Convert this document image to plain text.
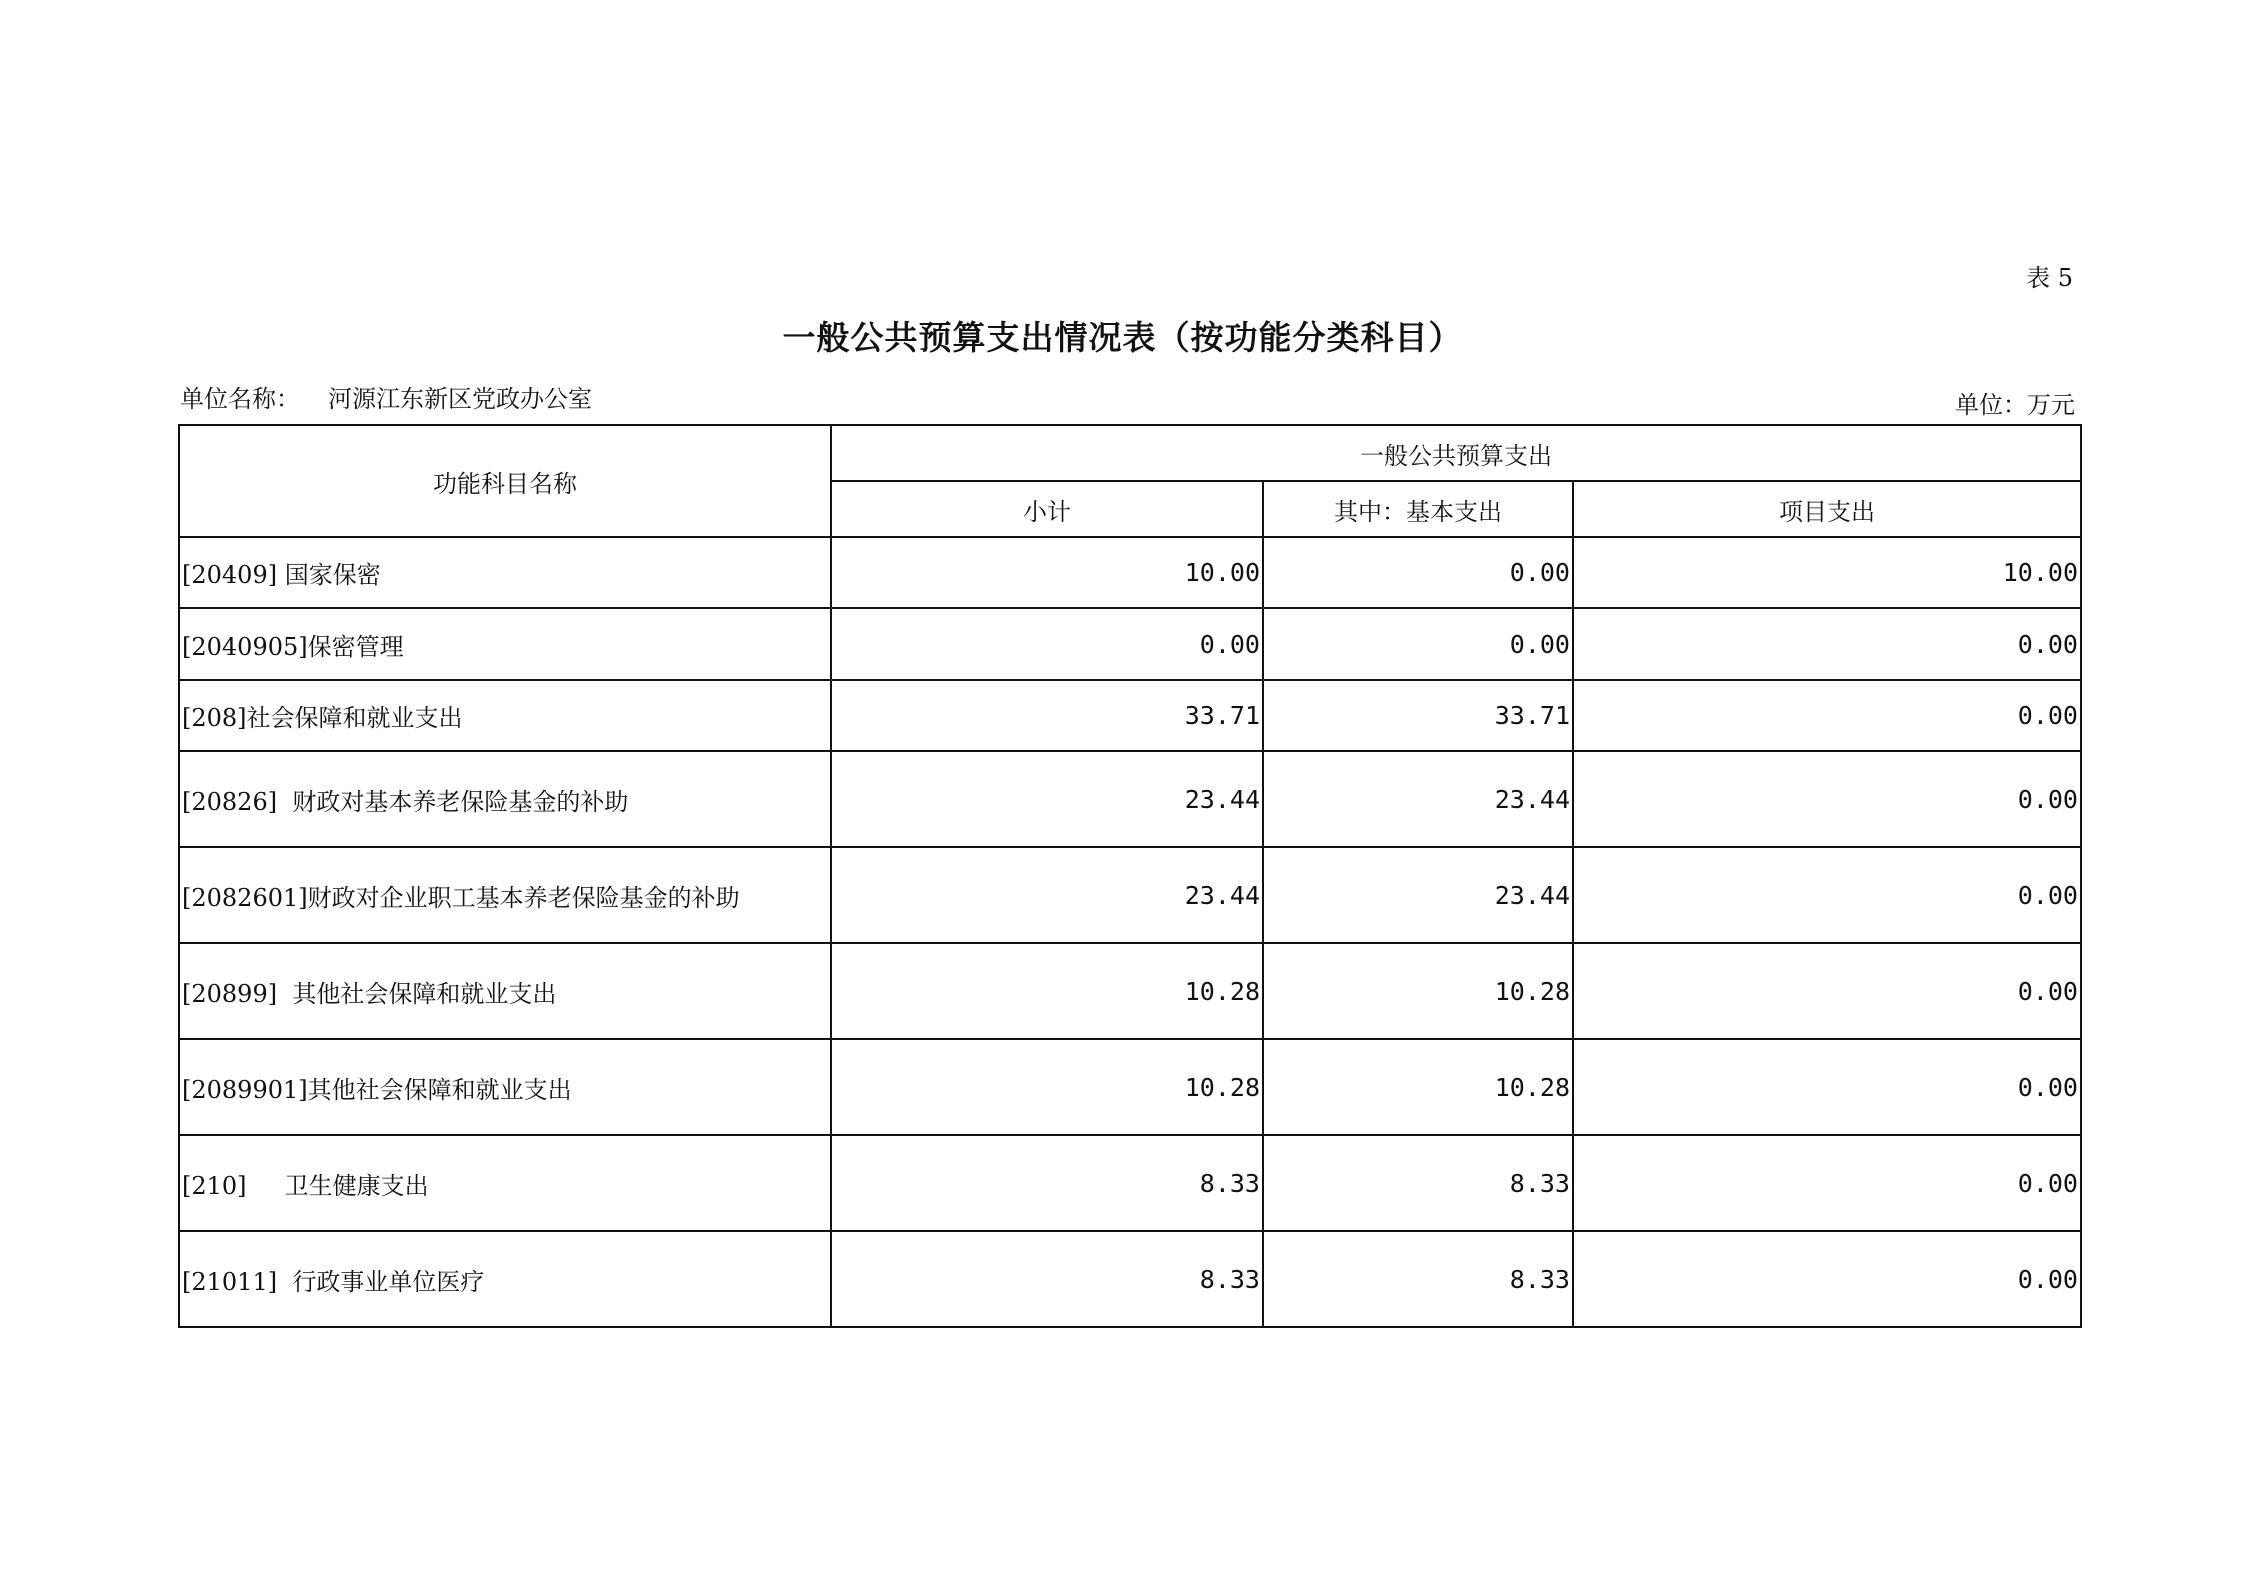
表 5
一般公共预算支出情况表（按功能分类科目）
单位名称： 河源江东新区党政办公室	单位：万元
功能科目名称	一般公共预算支出		
	小计	其中：基本支出	项目支出
[20409] 国家保密	10.00	0.00	10.00
[2040905]保密管理	0.00	0.00	0.00
[208]社会保障和就业支出	33.71	33.71	0.00
[20826]  财政对基本养老保险基金的补助	23.44	23.44	0.00
[2082601]财政对企业职工基本养老保险基金的补助	23.44	23.44	0.00
[20899]  其他社会保障和就业支出	10.28	10.28	0.00
[2089901]其他社会保障和就业支出	10.28	10.28	0.00
[210]     卫生健康支出	8.33	8.33	0.00
[21011]  行政事业单位医疗	8.33	8.33	0.00
